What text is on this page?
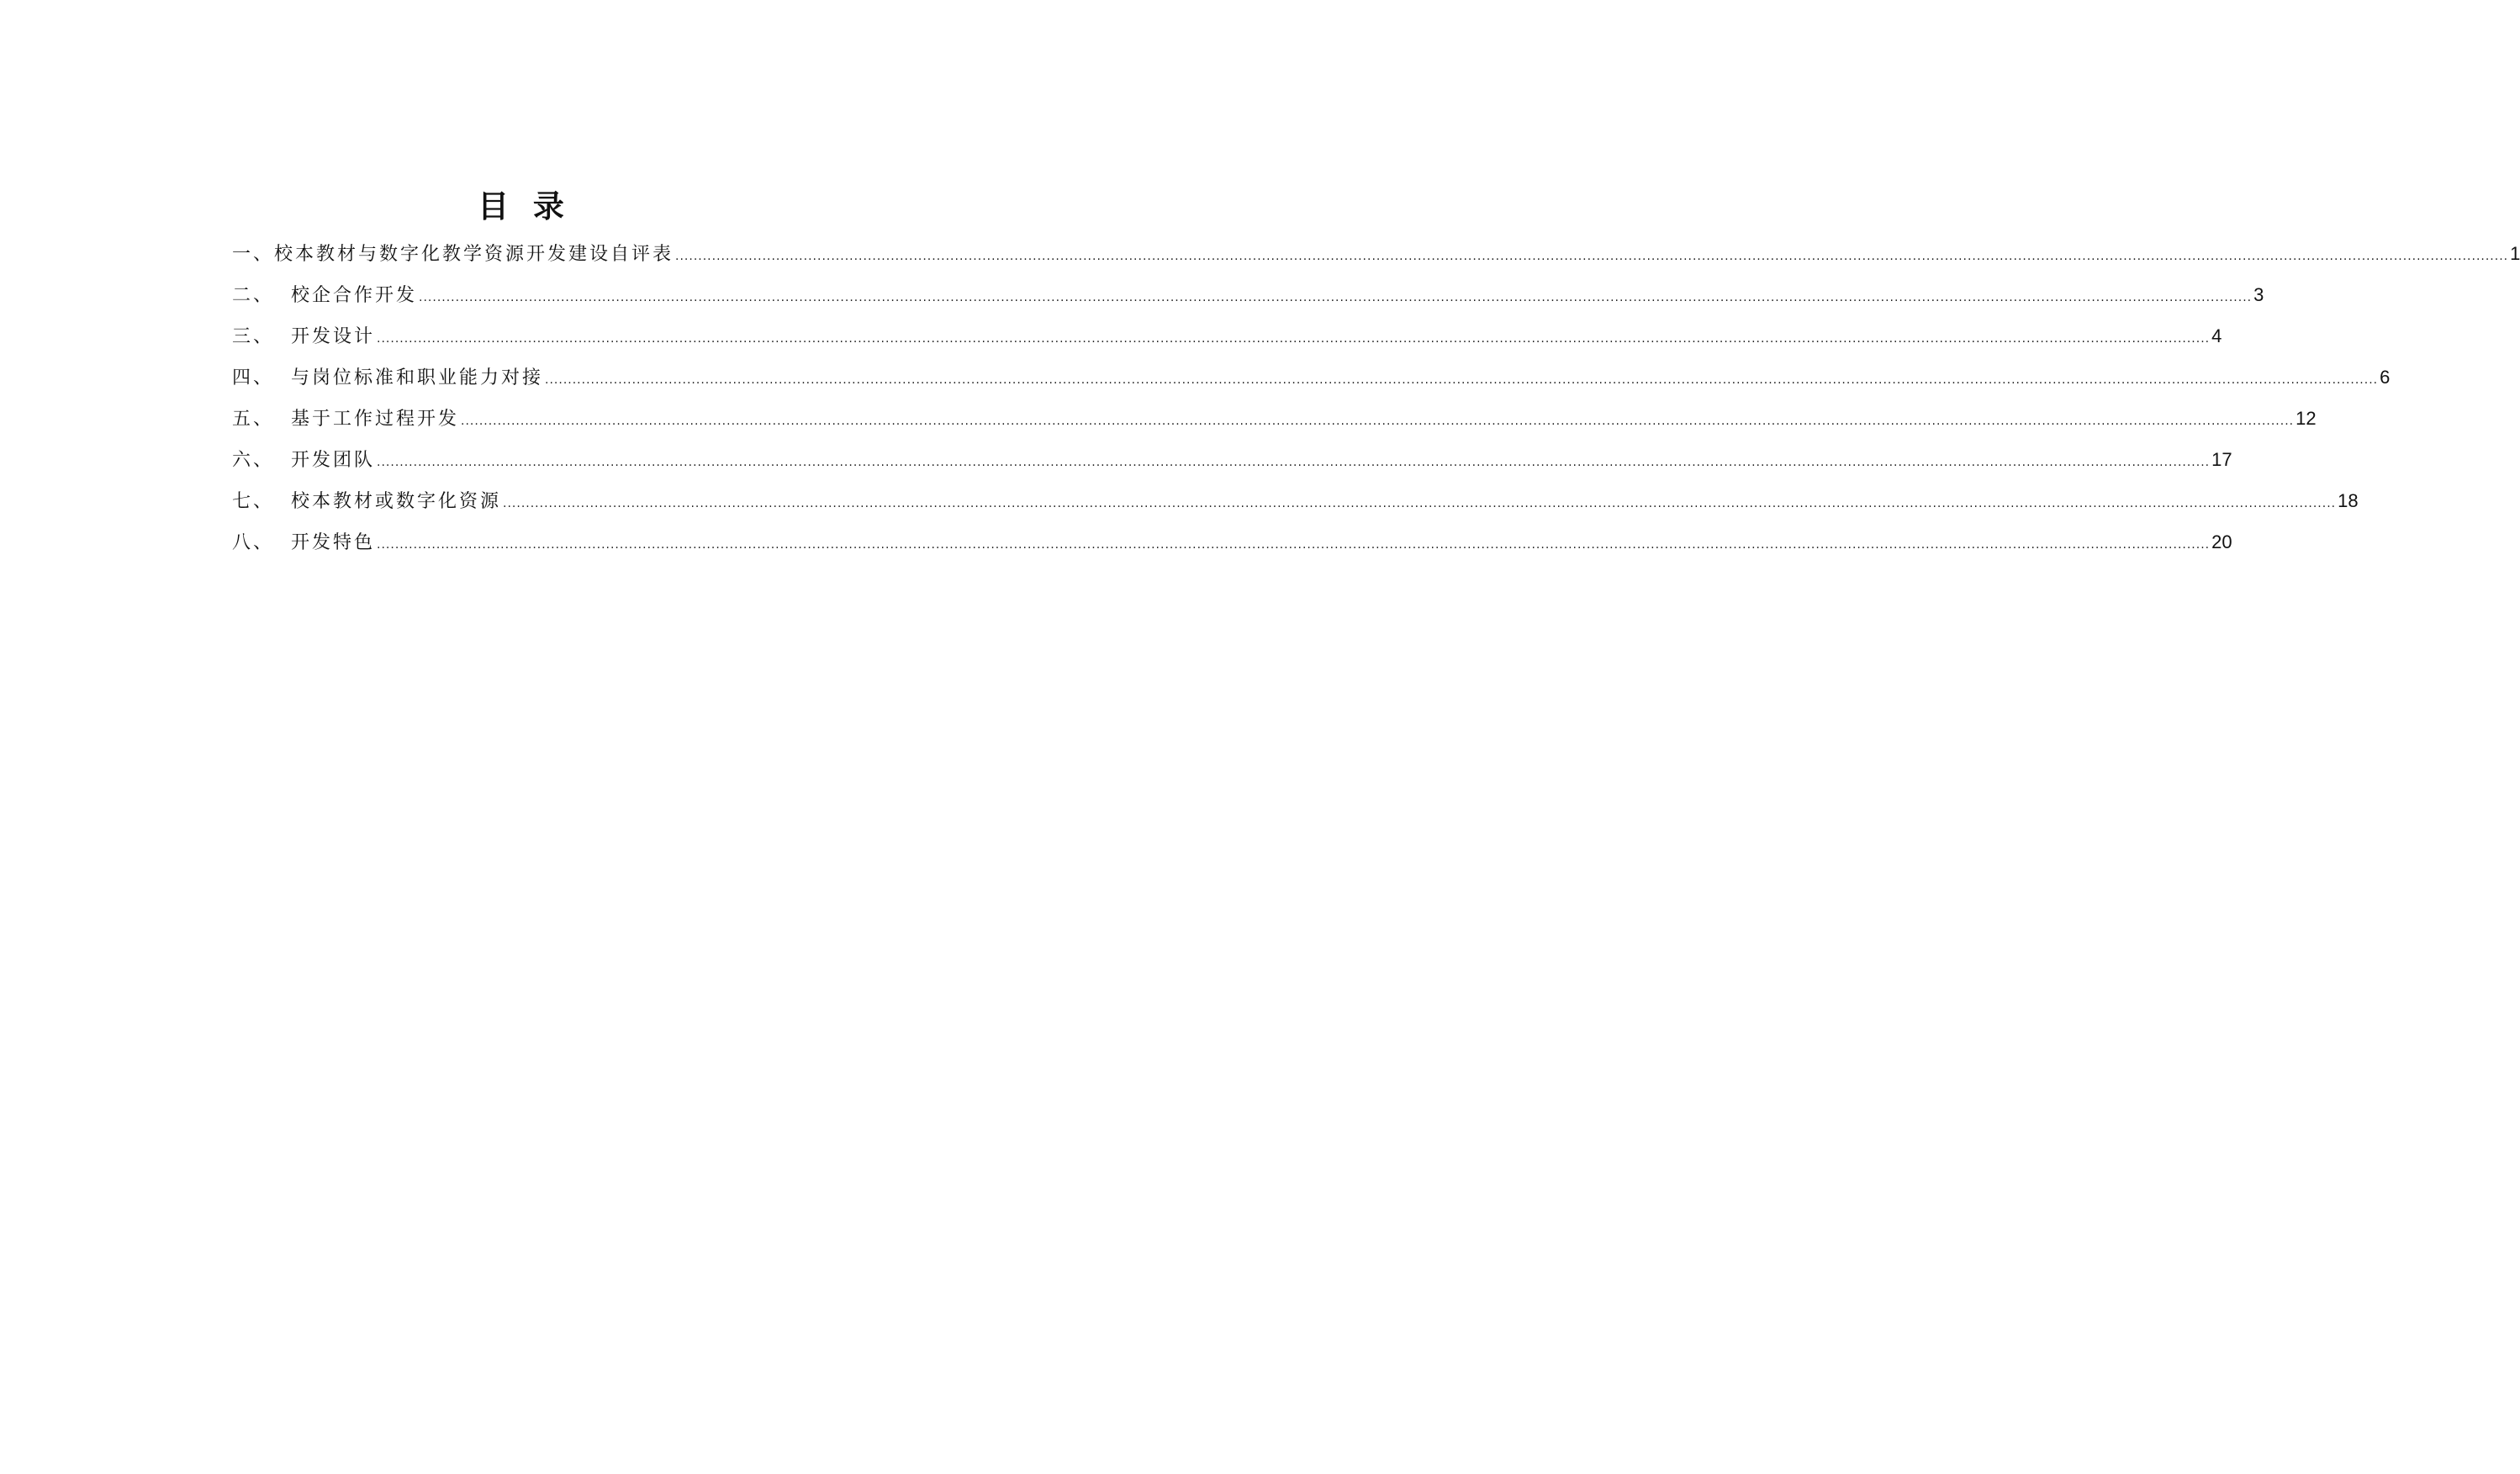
目  录
一、 校本教材与数字化教学资源开发建设自评表 ................................................................................................................................................................................................................................................................................................................................................................................................................ 1
二、 校企合作开发 ................................................................................................................................................................................................................................................................................................................................................................................................................ 3
三、 开发设计 ................................................................................................................................................................................................................................................................................................................................................................................................................ 4
四、 与岗位标准和职业能力对接 ................................................................................................................................................................................................................................................................................................................................................................................................................ 6
五、 基于工作过程开发 ................................................................................................................................................................................................................................................................................................................................................................................................................ 12
六、 开发团队 ................................................................................................................................................................................................................................................................................................................................................................................................................ 17
七、 校本教材或数字化资源 ................................................................................................................................................................................................................................................................................................................................................................................................................ 18
八、 开发特色 ................................................................................................................................................................................................................................................................................................................................................................................................................ 20
